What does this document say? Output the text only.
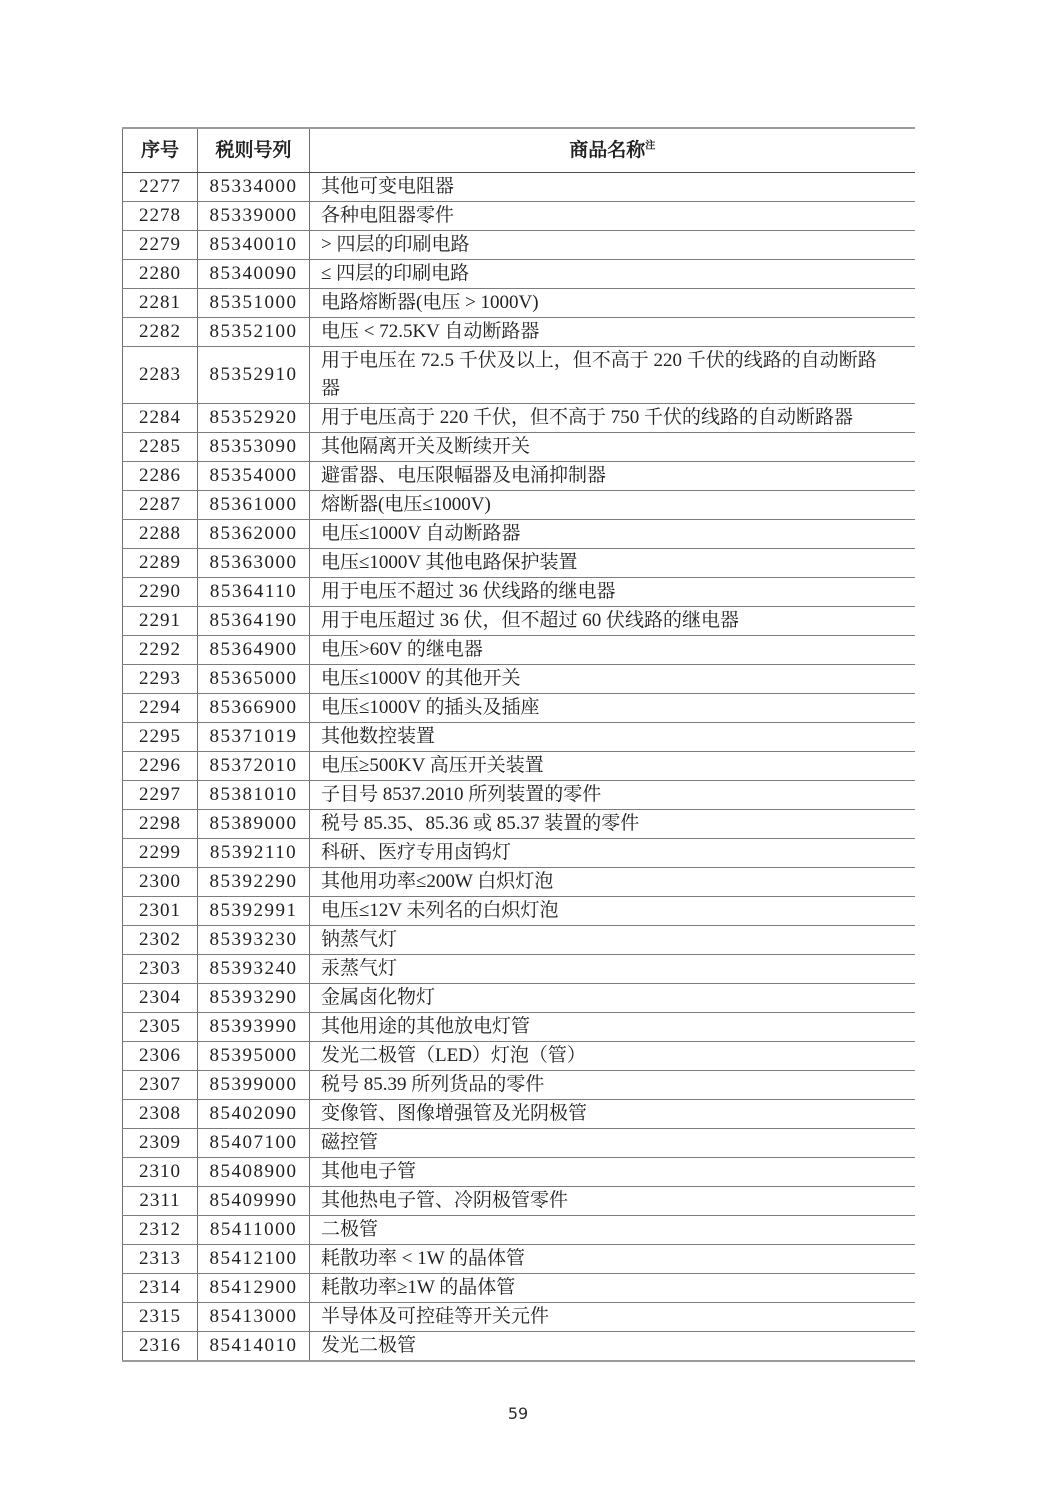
序号	税则号列	商品名称$^注$
2277	85334000	其他可变电阻器

2278	85339000	各种电阻器零件

2279	85340010	> 四层的印刷电路

2280	85340090	≤ 四层的印刷电路

2281	85351000	电路熔断器(电压 > 1000V)

2282	85352100	电压 < 72.5KV 自动断路器

2283	85352910	用于电压在 72.5 千伏及以上，但不高于 220 千伏的线路的自动断路
器

2284	85352920	用于电压高于 220 千伏，但不高于 750 千伏的线路的自动断路器

2285	85353090	其他隔离开关及断续开关

2286	85354000	避雷器、电压限幅器及电涌抑制器

2287	85361000	熔断器(电压≤1000V)

2288	85362000	电压≤1000V 自动断路器

2289	85363000	电压≤1000V 其他电路保护装置

2290	85364110	用于电压不超过 36 伏线路的继电器

2291	85364190	用于电压超过 36 伏，但不超过 60 伏线路的继电器

2292	85364900	电压>60V 的继电器

2293	85365000	电压≤1000V 的其他开关

2294	85366900	电压≤1000V 的插头及插座

2295	85371019	其他数控装置

2296	85372010	电压≥500KV 高压开关装置

2297	85381010	子目号 8537.2010 所列装置的零件

2298	85389000	税号 85.35、85.36 或 85.37 装置的零件

2299	85392110	科研、医疗专用卤钨灯

2300	85392290	其他用功率≤200W 白炽灯泡

2301	85392991	电压≤12V 未列名的白炽灯泡

2302	85393230	钠蒸气灯

2303	85393240	汞蒸气灯

2304	85393290	金属卤化物灯

2305	85393990	其他用途的其他放电灯管

2306	85395000	发光二极管（LED）灯泡（管）

2307	85399000	税号 85.39 所列货品的零件

2308	85402090	变像管、图像增强管及光阴极管

2309	85407100	磁控管

2310	85408900	其他电子管

2311	85409990	其他热电子管、冷阴极管零件

2312	85411000	二极管

2313	85412100	耗散功率 < 1W 的晶体管

2314	85412900	耗散功率≥1W 的晶体管

2315	85413000	半导体及可控硅等开关元件

2316	85414010	发光二极管
59
